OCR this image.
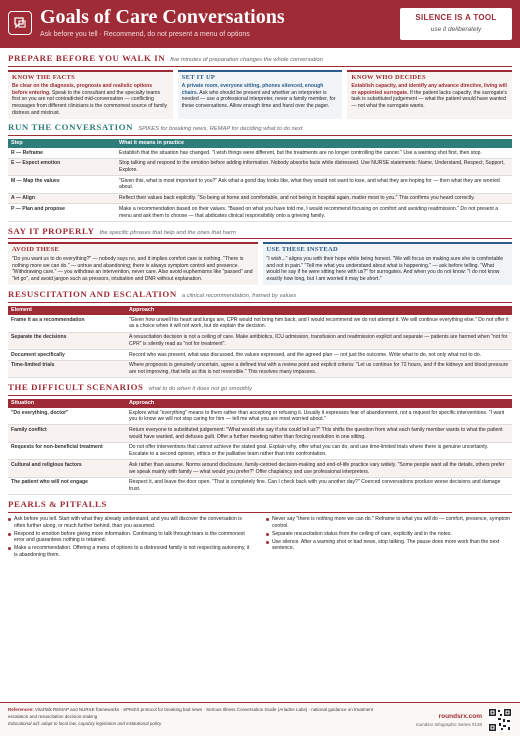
Goals of Care Conversations
Ask before you tell · Recommend, do not present a menu of options
SILENCE IS A TOOL
use it deliberately
PREPARE BEFORE YOU WALK IN five minutes of preparation changes the whole conversation
KNOW THE FACTS

Be clear on the diagnosis, prognosis and realistic options before entering. Speak to the consultant and the specialty teams first so you are not contradicted mid-conversation — conflicting messages from different clinicians is the commonest source of family distress and mistrust.

SET IT UP

A private room, everyone sitting, phones silenced, enough chairs. Ask who should be present and whether an interpreter is needed — use a professional interpreter, never a family member, for these conversations. Allow enough time and hand over the pager.

KNOW WHO DECIDES

Establish capacity, and identify any advance directive, living will or appointed surrogate. If the patient lacks capacity, the surrogate's task is substituted judgement — what the patient would have wanted — not what the surrogate wants.

RUN THE CONVERSATION SPIKES for breaking news, REMAP for deciding what to do next
Step	What it means in practice
R — Reframe	Establish that the situation has changed. "I wish things were different, but the treatments are no longer controlling the cancer." Use a warning shot first, then stop.
E — Expect emotion	Stop talking and respond to the emotion before adding information. Nobody absorbs facts while distressed. Use NURSE statements: Name, Understand, Respect, Support, Explore.
M — Map the values	"Given this, what is most important to you?" Ask what a good day looks like, what they would not want to lose, and what they are hoping for — then what they are worried about.
A — Align	Reflect their values back explicitly. "So being at home and comfortable, and not being in hospital again, matter most to you." This confirms you heard correctly.
P — Plan and propose	Make a recommendation based on their values. "Based on what you have told me, I would recommend focusing on comfort and avoiding readmission." Do not present a menu and ask them to choose — that abdicates clinical responsibility onto a grieving family.
SAY IT PROPERLY the specific phrases that help and the ones that harm
AVOID THESE

"Do you want us to do everything?" — nobody says no, and it implies comfort care is nothing. "There is nothing more we can do." — untrue and abandoning; there is always symptom control and presence. "Withdrawing care." — you withdraw an intervention, never care. Also avoid euphemisms like "passed" and "let go", and avoid jargon such as pressors, intubation and DNR without explanation.

USE THESE INSTEAD

"I wish..." aligns you with their hope while being honest. "We will focus on making sure she is comfortable and not in pain." "Tell me what you understand about what is happening." — ask before telling. "What would he say if he were sitting here with us?" for surrogates. And when you do not know: "I do not know exactly how long, but I am worried it may be short."

RESUSCITATION AND ESCALATION a clinical recommendation, framed by values
Element	Approach
Frame it as a recommendation	"Given how unwell his heart and lungs are, CPR would not bring him back, and I would recommend we do not attempt it. We will continue everything else." Do not offer it as a choice when it will not work, but do explain the decision.
Separate the decisions	A resuscitation decision is not a ceiling of care. Make antibiotics, ICU admission, transfusion and readmission explicit and separate — patients are harmed when "not for CPR" is silently read as "not for treatment".
Document specifically	Record who was present, what was discussed, the values expressed, and the agreed plan — not just the outcome. Write what to do, not only what not to do.
Time-limited trials	Where prognosis is genuinely uncertain, agree a defined trial with a review point and explicit criteria: "Let us continue for 72 hours, and if the kidneys and blood pressure are not improving, that tells us this is not reversible." This resolves many impasses.
THE DIFFICULT SCENARIOS what to do when it does not go smoothly
Situation	Approach
"Do everything, doctor"	Explore what "everything" means to them rather than accepting or refusing it. Usually it expresses fear of abandonment, not a request for specific interventions. "I want you to know we will not stop caring for him — tell me what you are most worried about."
Family conflict	Return everyone to substituted judgement: "What would she say if she could tell us?" This shifts the question from what each family member wants to what the patient would have wanted, and defuses guilt. Offer a further meeting rather than forcing resolution in one sitting.
Requests for non-beneficial treatment	Do not offer interventions that cannot achieve the stated goal. Explain why, offer what you can do, and use time-limited trials where there is genuine uncertainty. Escalate to a second opinion, ethics or the palliative team rather than into confrontation.
Cultural and religious factors	Ask rather than assume. Norms around disclosure, family-centred decision-making and end-of-life practice vary widely. "Some people want all the details, others prefer we speak mainly with family — what would you prefer?" Offer chaplaincy and use professional interpreters.
The patient who will not engage	Respect it, and leave the door open. "That is completely fine. Can I check back with you another day?" Coerced conversations produce worse decisions and damage trust.
PEARLS & PITFALLS
Ask before you tell. Start with what they already understand, and you will discover the conversation is often further along, or much further behind, than you assumed.
Respond to emotion before giving more information. Continuing to talk through tears is the commonest error and guarantees nothing is retained.
Make a recommendation. Offering a menu of options to a distressed family is not respecting autonomy, it is abandoning them.
Never say "there is nothing more we can do." Reframe to what you will do — comfort, presence, symptom control.
Separate resuscitation status from the ceiling of care, explicitly and in the notes.
Use silence. After a warning shot or bad news, stop talking. The pause does more work than the next sentence.
References: VitalTalk REMAP and NURSE frameworks · SPIKES protocol for breaking bad news · Serious Illness Conversation Guide (Ariadne Labs) · national guidance on treatment escalation and resuscitation decision-making
Educational aid: adapt to local law, capacity legislation and institutional policy
roundsrx.com
roundsrx Infographic Series #138
